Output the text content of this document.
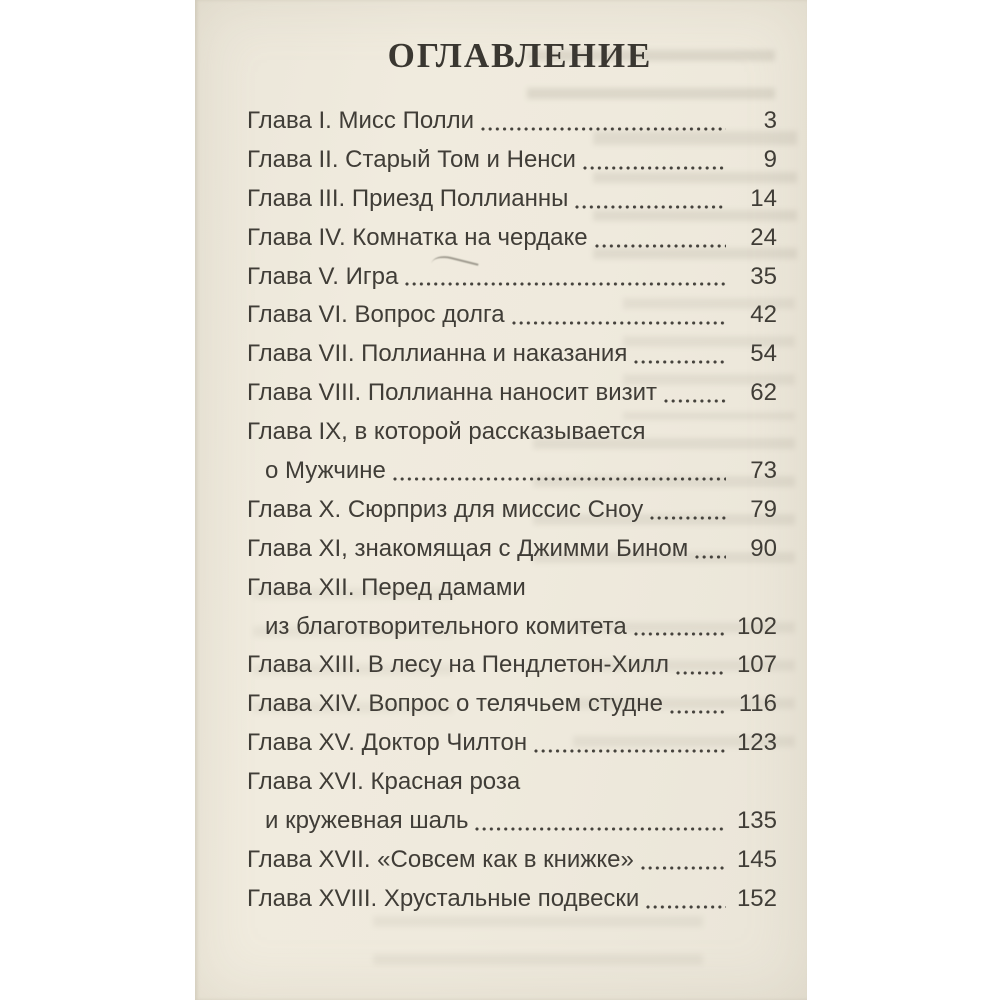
ОГЛАВЛЕНИЕ
Глава I. Мисс Полли	3
Глава II. Старый Том и Ненси	9
Глава III. Приезд Поллианны	14
Глава IV. Комнатка на чердаке	24
Глава V. Игра	35
Глава VI. Вопрос долга	42
Глава VII. Поллианна и наказания	54
Глава VIII. Поллианна наносит визит	62
Глава IX, в которой рассказывается
о Мужчине	73
Глава X. Сюрприз для миссис Сноу	79
Глава XI, знакомящая с Джимми Бином	90
Глава XII. Перед дамами
из благотворительного комитета	102
Глава XIII. В лесу на Пендлетон-Хилл	107
Глава XIV. Вопрос о телячьем студне	116
Глава XV. Доктор Чилтон	123
Глава XVI. Красная роза
и кружевная шаль	135
Глава XVII. «Совсем как в книжке»	145
Глава XVIII. Хрустальные подвески	152
